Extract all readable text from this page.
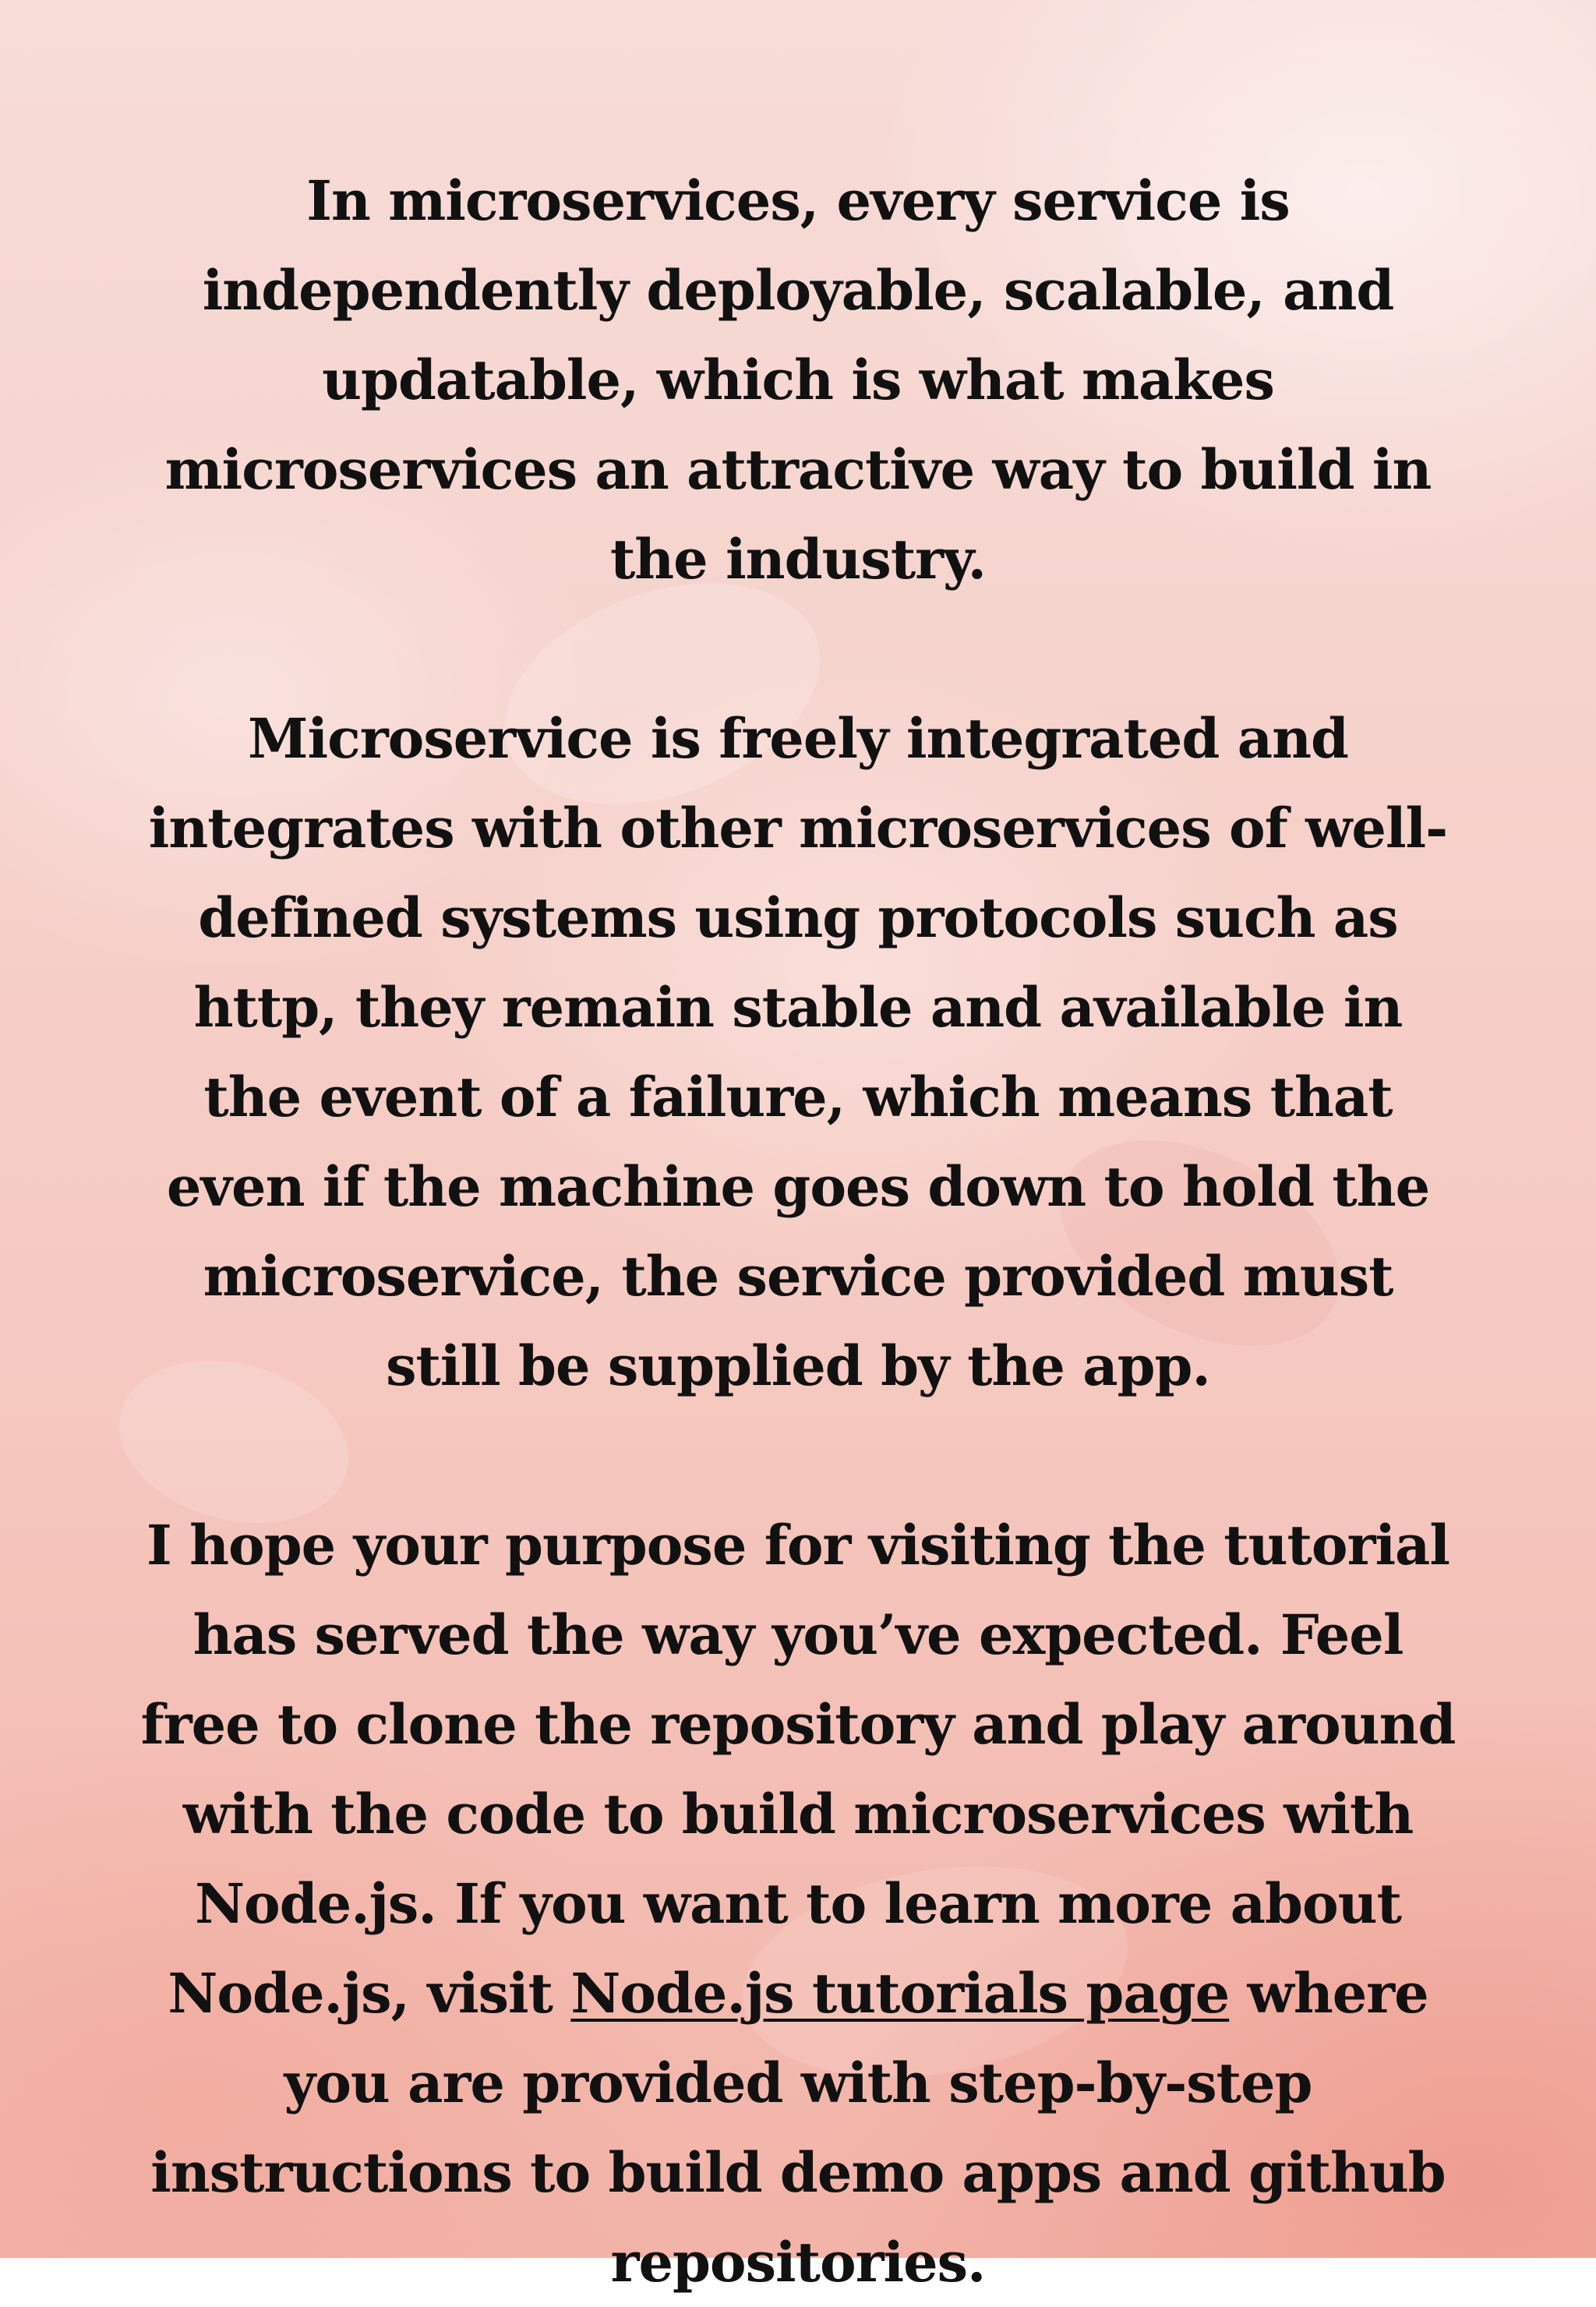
In microservices, every service is independently deployable, scalable, and updatable, which is what makes microservices an attractive way to build in the industry.

Microservice is freely integrated and integrates with other microservices of well-defined systems using protocols such as http, they remain stable and available in the event of a failure, which means that even if the machine goes down to hold the microservice, the service provided must still be supplied by the app.

I hope your purpose for visiting the tutorial has served the way you’ve expected. Feel free to clone the repository and play around with the code to build microservices with Node.js. If you want to learn more about Node.js, visit Node.js tutorials page where you are provided with step-by-step instructions to build demo apps and github repositories.
